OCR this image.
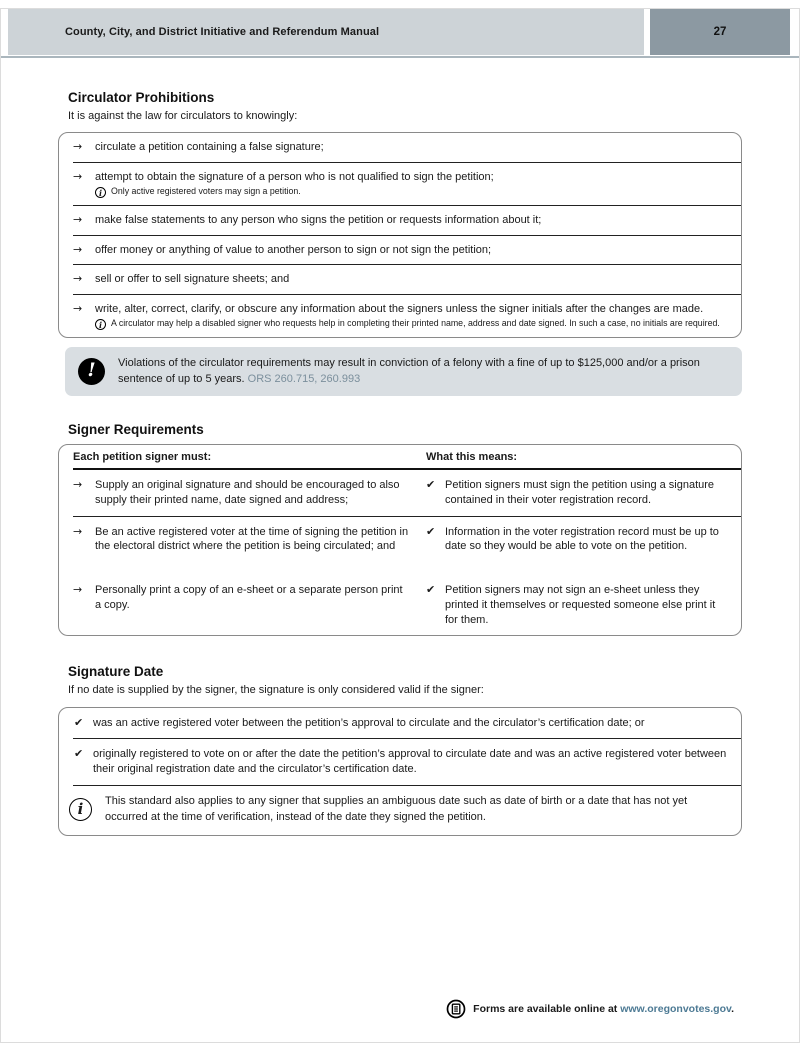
County, City, and District Initiative and Referendum Manual	27
Circulator Prohibitions

It is against the law for circulators to knowingly:

→	circulate a petition containing a false signature;
→	attempt to obtain the signature of a person who is not qualified to sign the petition;
i	Only active registered voters may sign a petition.
→	make false statements to any person who signs the petition or requests information about it;
→	offer money or anything of value to another person to sign or not sign the petition;
→	sell or offer to sell signature sheets; and
→	write, alter, correct, clarify, or obscure any information about the signers unless the signer initials after the changes are made.
i	A circulator may help a disabled signer who requests help in completing their printed name, address and date signed. In such a case, no initials are required.
!	Violations of the circulator requirements may result in conviction of a felony with a fine of up to $125,000 and/or a prison sentence of up to 5 years. ORS 260.715, 260.993

Signer Requirements
Each petition signer must:	What this means:
→	Supply an original signature and should be encouraged to also supply their printed name, date signed and address;
✔ Petition signers must sign the petition using a signature contained in their voter registration record.
→	Be an active registered voter at the time of signing the petition in the electoral district where the petition is being circulated; and
✔ Information in the voter registration record must be up to date so they would be able to vote on the petition.
→	Personally print a copy of an e-sheet or a separate person print a copy.
✔ Petition signers may not sign an e-sheet unless they printed it themselves or requested someone else print it for them.
Signature Date

If no date is supplied by the signer, the signature is only considered valid if the signer:

✔ was an active registered voter between the petition’s approval to circulate and the circulator’s certification date; or
✔ originally registered to vote on or after the date the petition’s approval to circulate date and was an active registered voter between their original registration date and the circulator’s certification date.
i	This standard also applies to any signer that supplies an ambiguous date such as date of birth or a date that has not yet occurred at the time of verification, instead of the date they signed the petition.

Forms are available online at www.oregonvotes.gov.
